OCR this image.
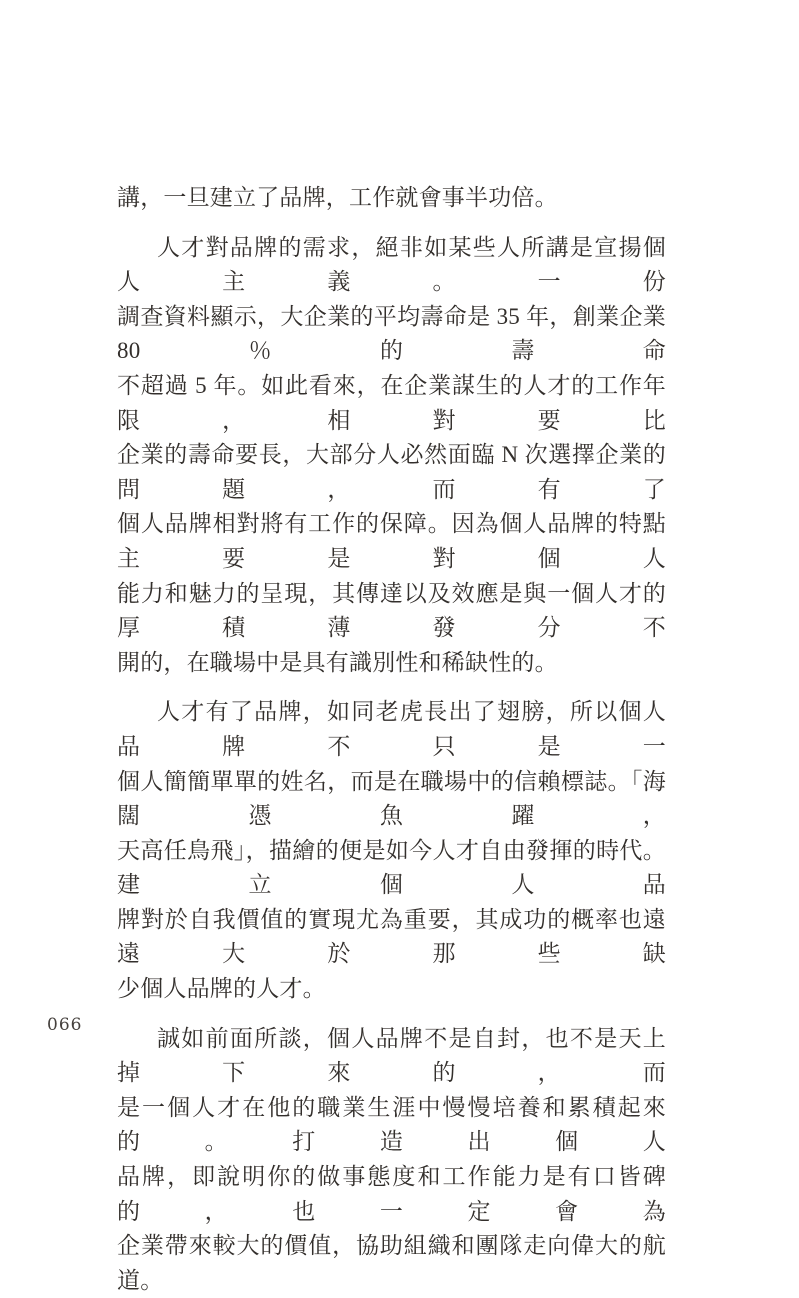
講，一旦建立了品牌，工作就會事半功倍。
人才對品牌的需求，絕非如某些人所講是宣揚個人主義。一份
調查資料顯示，大企業的平均壽命是 35 年，創業企業 80％的壽命
不超過 5 年。如此看來，在企業謀生的人才的工作年限，相對要比
企業的壽命要長，大部分人必然面臨 N 次選擇企業的問題，而有了
個人品牌相對將有工作的保障。因為個人品牌的特點主要是對個人
能力和魅力的呈現，其傳達以及效應是與一個人才的厚積薄發分不
開的，在職場中是具有識別性和稀缺性的。
人才有了品牌，如同老虎長出了翅膀，所以個人品牌不只是一
個人簡簡單單的姓名，而是在職場中的信賴標誌。「海闊憑魚躍，
天高任鳥飛」，描繪的便是如今人才自由發揮的時代。建立個人品
牌對於自我價值的實現尤為重要，其成功的概率也遠遠大於那些缺
少個人品牌的人才。
誠如前面所談，個人品牌不是自封，也不是天上掉下來的，而
是一個人才在他的職業生涯中慢慢培養和累積起來的。打造出個人
品牌，即說明你的做事態度和工作能力是有口皆碑的，也一定會為
企業帶來較大的價值，協助組織和團隊走向偉大的航道。
066
